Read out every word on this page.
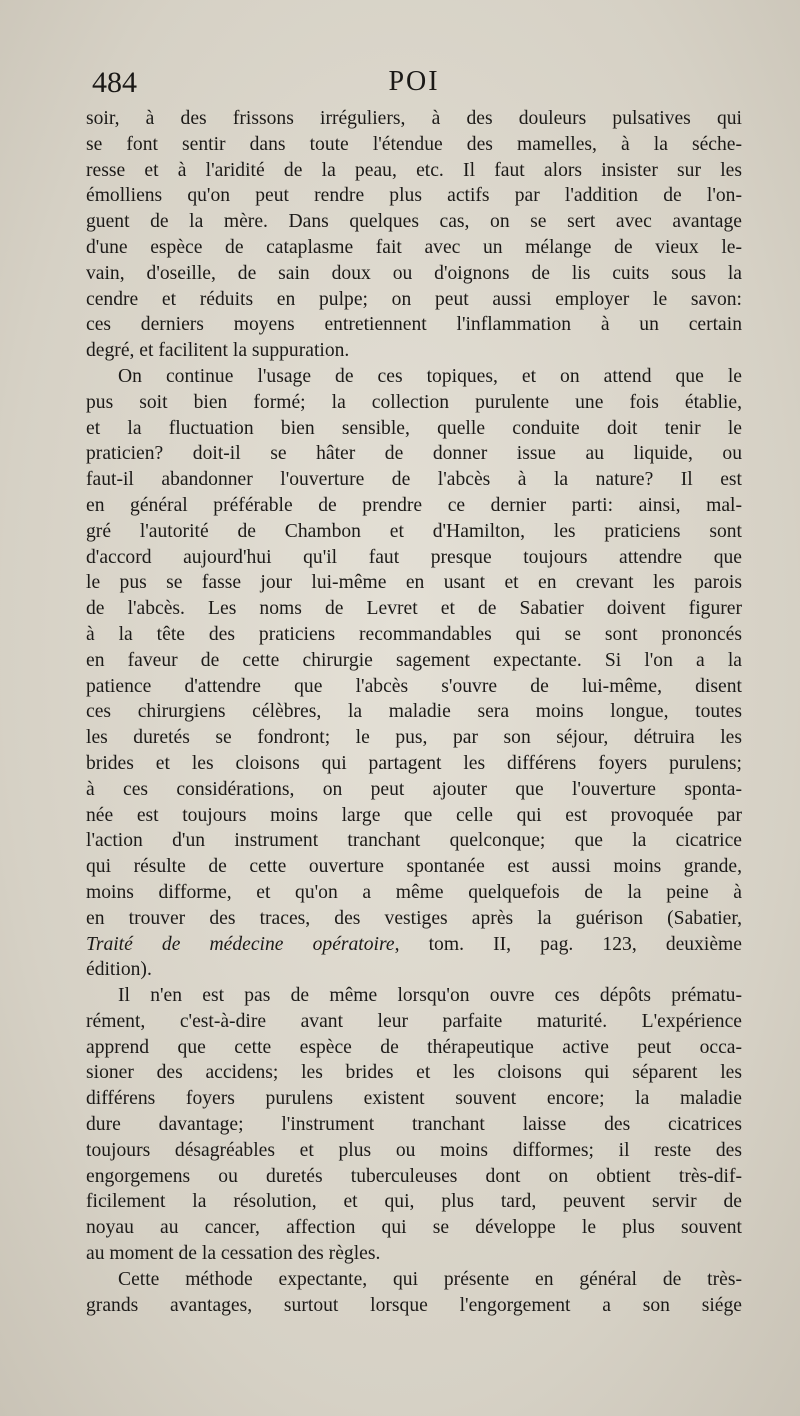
484	POI
soir, à des frissons irréguliers, à des douleurs pulsatives qui
se font sentir dans toute l'étendue des mamelles, à la séche-
resse et à l'aridité de la peau, etc. Il faut alors insister sur les
émolliens qu'on peut rendre plus actifs par l'addition de l'on-
guent de la mère. Dans quelques cas, on se sert avec avantage
d'une espèce de cataplasme fait avec un mélange de vieux le-
vain, d'oseille, de sain doux ou d'oignons de lis cuits sous la
cendre et réduits en pulpe; on peut aussi employer le savon:
ces derniers moyens entretiennent l'inflammation à un certain
degré, et facilitent la suppuration.
On continue l'usage de ces topiques, et on attend que le
pus soit bien formé; la collection purulente une fois établie,
et la fluctuation bien sensible, quelle conduite doit tenir le
praticien? doit-il se hâter de donner issue au liquide, ou
faut-il abandonner l'ouverture de l'abcès à la nature? Il est
en général préférable de prendre ce dernier parti: ainsi, mal-
gré l'autorité de Chambon et d'Hamilton, les praticiens sont
d'accord aujourd'hui qu'il faut presque toujours attendre que
le pus se fasse jour lui-même en usant et en crevant les parois
de l'abcès. Les noms de Levret et de Sabatier doivent figurer
à la tête des praticiens recommandables qui se sont prononcés
en faveur de cette chirurgie sagement expectante. Si l'on a la
patience d'attendre que l'abcès s'ouvre de lui-même, disent
ces chirurgiens célèbres, la maladie sera moins longue, toutes
les duretés se fondront; le pus, par son séjour, détruira les
brides et les cloisons qui partagent les différens foyers purulens;
à ces considérations, on peut ajouter que l'ouverture sponta-
née est toujours moins large que celle qui est provoquée par
l'action d'un instrument tranchant quelconque; que la cicatrice
qui résulte de cette ouverture spontanée est aussi moins grande,
moins difforme, et qu'on a même quelquefois de la peine à
en trouver des traces, des vestiges après la guérison (Sabatier,
Traité de médecine opératoire, tom. II, pag. 123, deuxième
édition).
Il n'en est pas de même lorsqu'on ouvre ces dépôts prématu-
rément, c'est-à-dire avant leur parfaite maturité. L'expérience
apprend que cette espèce de thérapeutique active peut occa-
sioner des accidens; les brides et les cloisons qui séparent les
différens foyers purulens existent souvent encore; la maladie
dure davantage; l'instrument tranchant laisse des cicatrices
toujours désagréables et plus ou moins difformes; il reste des
engorgemens ou duretés tuberculeuses dont on obtient très-dif-
ficilement la résolution, et qui, plus tard, peuvent servir de
noyau au cancer, affection qui se développe le plus souvent
au moment de la cessation des règles.
Cette méthode expectante, qui présente en général de très-
grands avantages, surtout lorsque l'engorgement a son siége
